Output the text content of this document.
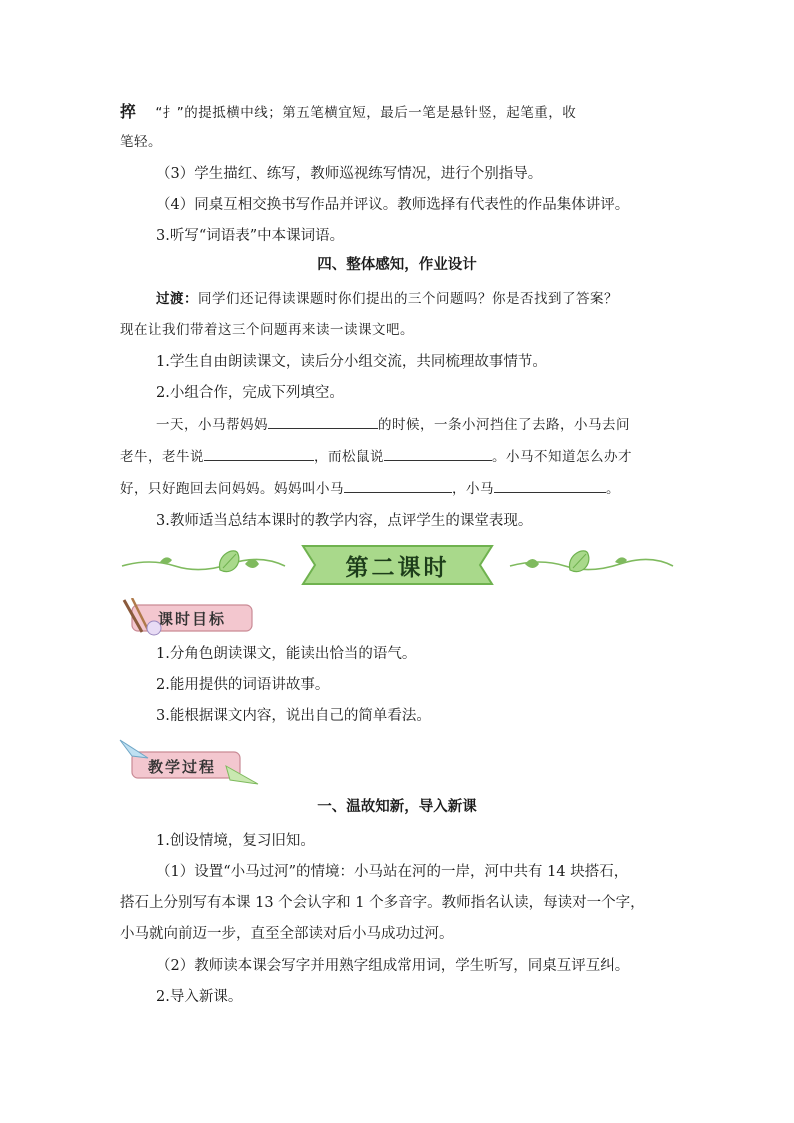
捽 “扌”的提抵横中线；第五笔横宜短，最后一笔是悬针竖，起笔重，收
笔轻。
（3）学生描红、练写，教师巡视练写情况，进行个别指导。
（4）同桌互相交换书写作品并评议。教师选择有代表性的作品集体讲评。
3.听写“词语表”中本课词语。
四、整体感知，作业设计
过渡：同学们还记得读课题时你们提出的三个问题吗？你是否找到了答案？
现在让我们带着这三个问题再来读一读课文吧。
1.学生自由朗读课文，读后分小组交流，共同梳理故事情节。
2.小组合作，完成下列填空。
一天，小马帮妈妈	的时候，一条小河挡住了去路，小马去问
老牛，老牛说	，而松鼠说	。小马不知道怎么办才
好，只好跑回去问妈妈。妈妈叫小马	，小马	。
3.教师适当总结本课时的教学内容，点评学生的课堂表现。
第二课时
课时目标
1.分角色朗读课文，能读出恰当的语气。
2.能用提供的词语讲故事。
3.能根据课文内容，说出自己的简单看法。
教学过程
一、温故知新，导入新课
1.创设情境，复习旧知。
（1）设置“小马过河”的情境：小马站在河的一岸，河中共有 14 块搭石，
搭石上分别写有本课 13 个会认字和 1 个多音字。教师指名认读，每读对一个字，
小马就向前迈一步，直至全部读对后小马成功过河。
（2）教师读本课会写字并用熟字组成常用词，学生听写，同桌互评互纠。
2.导入新课。
